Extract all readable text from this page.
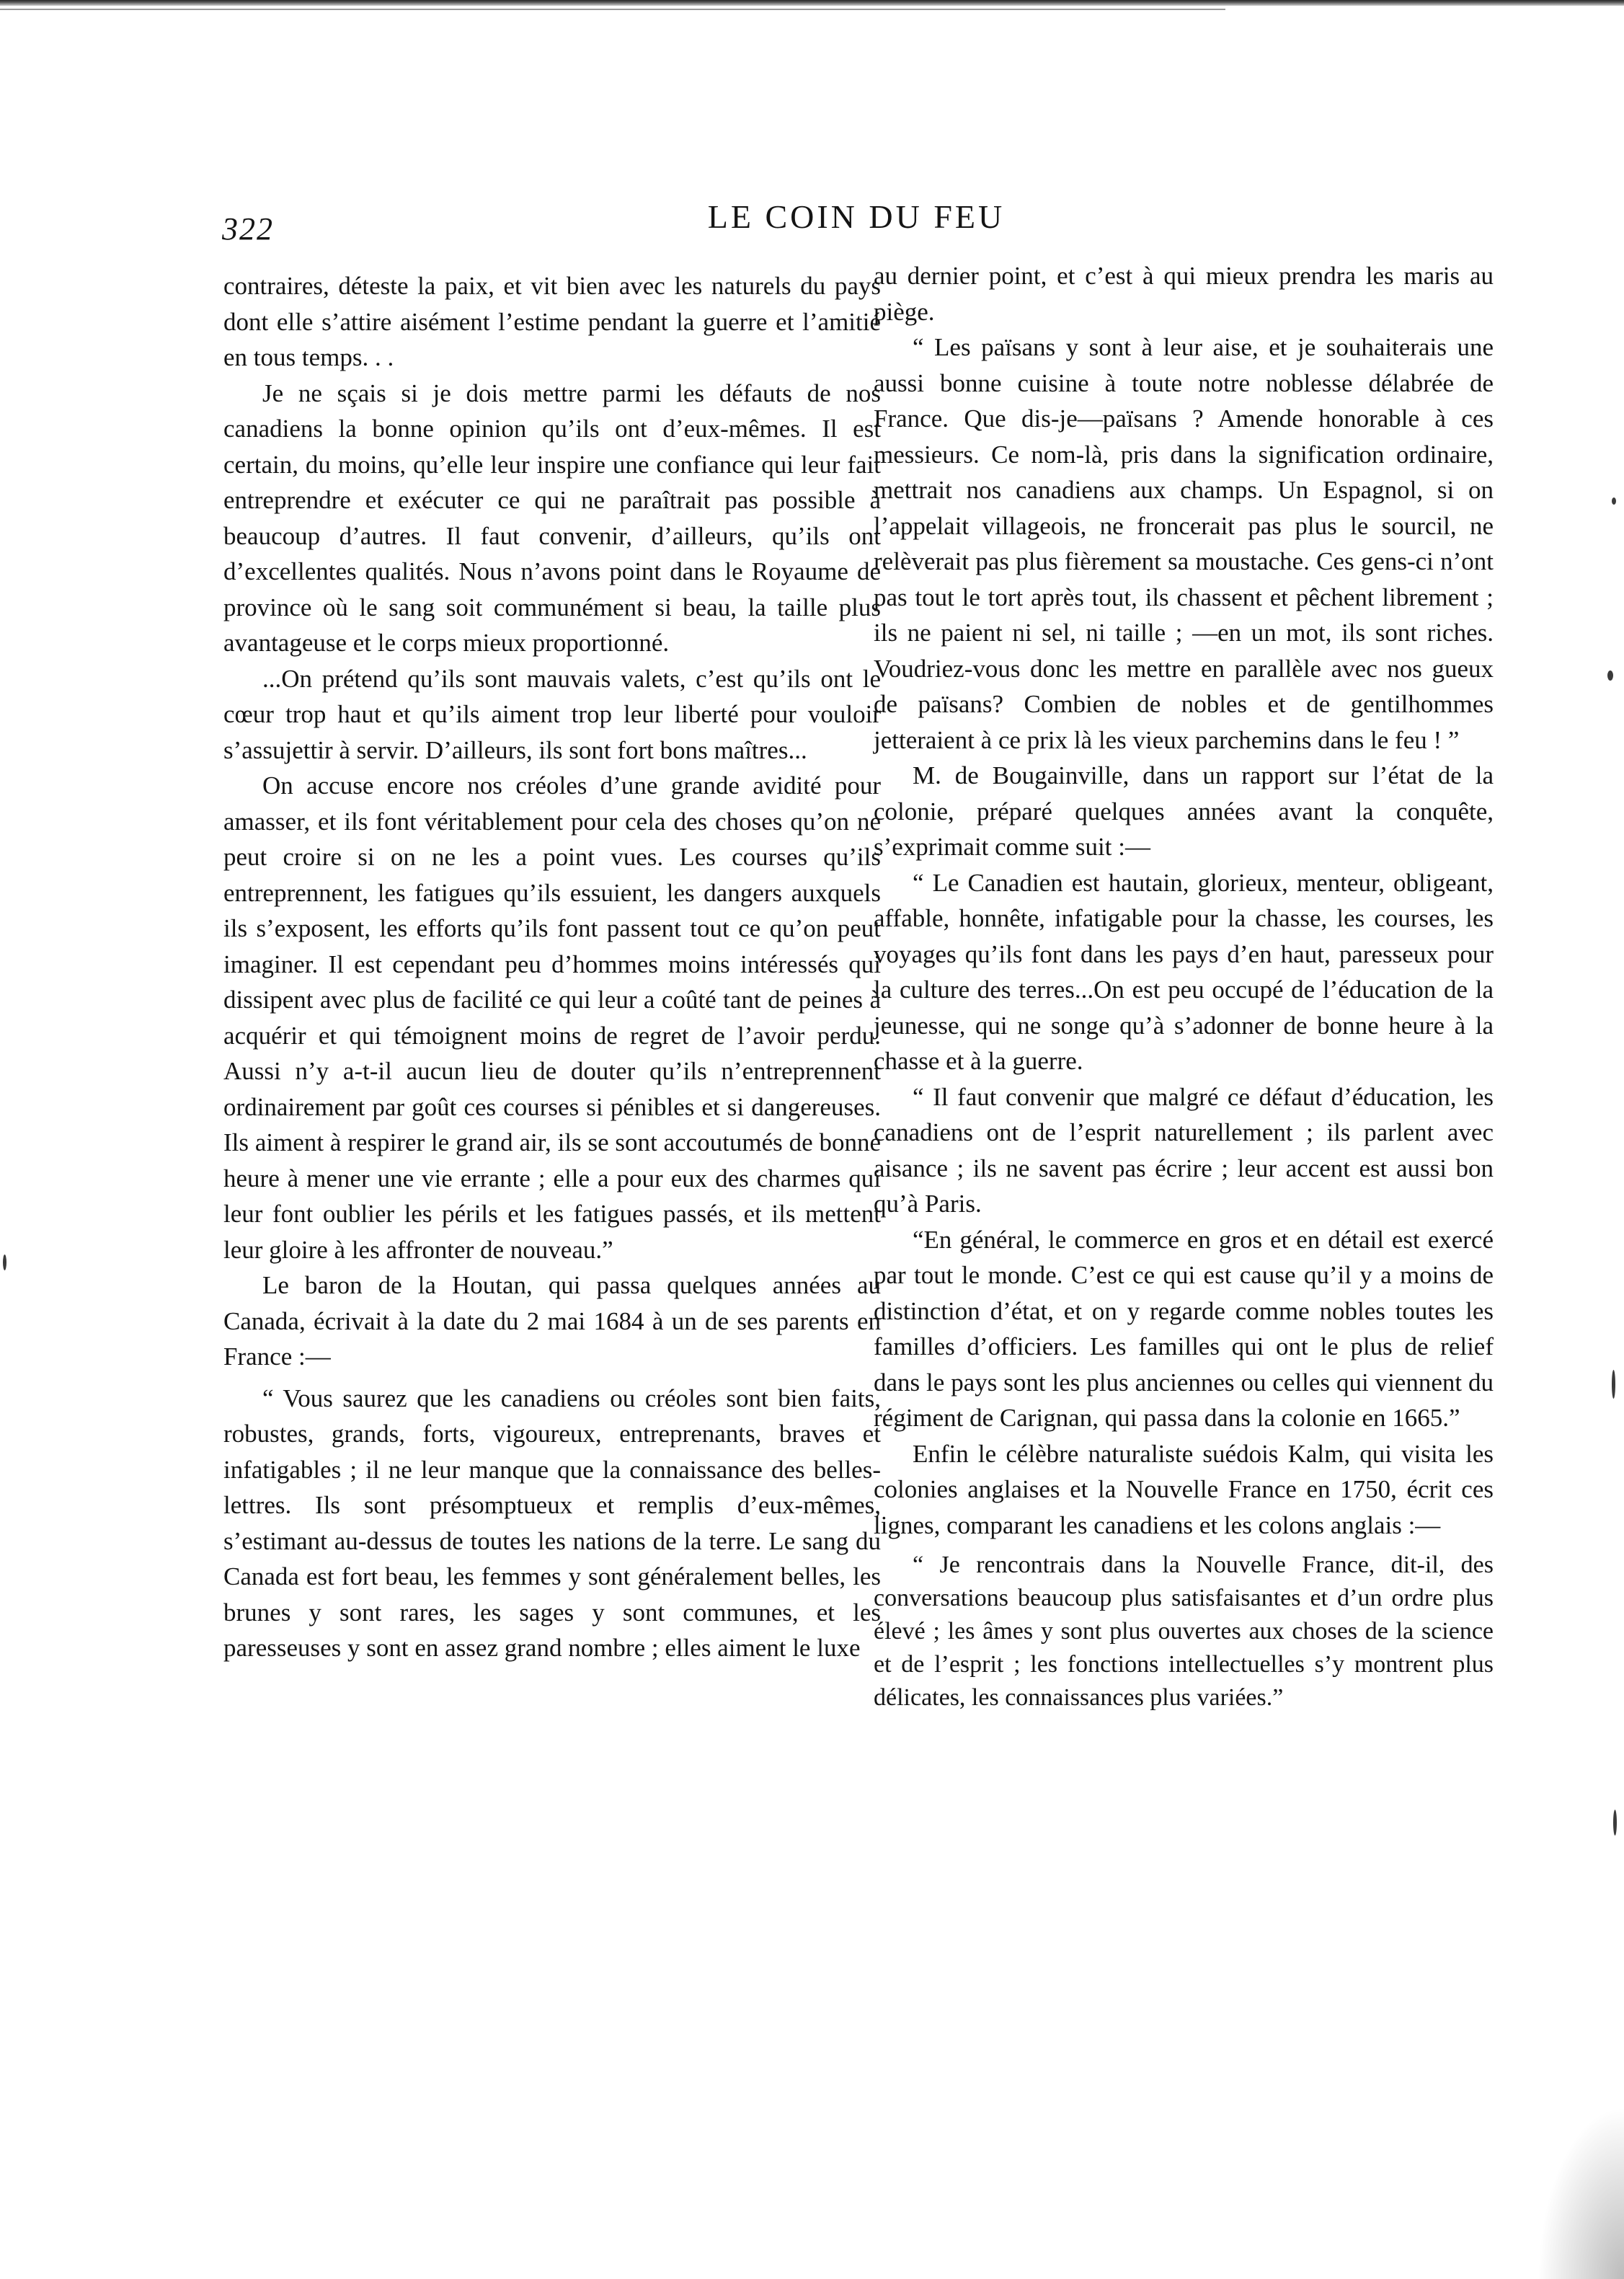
322	LE COIN DU FEU

contraires, déteste la paix, et vit bien avec les naturels du pays dont elle s’attire aisément l’estime pendant la guerre et l’amitié en tous temps. . .

Je ne sçais si je dois mettre parmi les défauts de nos canadiens la bonne opinion qu’ils ont d’eux-mêmes. Il est certain, du moins, qu’elle leur inspire une confiance qui leur fait entreprendre et exécuter ce qui ne paraîtrait pas possible à beaucoup d’autres. Il faut convenir, d’ailleurs, qu’ils ont d’excellentes qualités. Nous n’avons point dans le Royaume de province où le sang soit communément si beau, la taille plus avantageuse et le corps mieux proportionné.

...On prétend qu’ils sont mauvais valets, c’est qu’ils ont le cœur trop haut et qu’ils aiment trop leur liberté pour vouloir s’assujettir à servir. D’ailleurs, ils sont fort bons maîtres...

On accuse encore nos créoles d’une grande avidité pour amasser, et ils font véritablement pour cela des choses qu’on ne peut croire si on ne les a point vues. Les courses qu’ils entreprennent, les fatigues qu’ils essuient, les dangers auxquels ils s’exposent, les efforts qu’ils font passent tout ce qu’on peut imaginer. Il est cependant peu d’hommes moins intéressés qui dissipent avec plus de facilité ce qui leur a coûté tant de peines à acquérir et qui témoignent moins de regret de l’avoir perdu. Aussi n’y a-t-il aucun lieu de douter qu’ils n’entreprennent ordinairement par goût ces courses si pénibles et si dangereuses. Ils aiment à respirer le grand air, ils se sont accoutumés de bonne heure à mener une vie errante ; elle a pour eux des charmes qui leur font oublier les périls et les fatigues passés, et ils mettent leur gloire à les affronter de nouveau.”

Le baron de la Houtan, qui passa quelques années au Canada, écrivait à la date du 2 mai 1684 à un de ses parents en France :—

“ Vous saurez que les canadiens ou créoles sont bien faits, robustes, grands, forts, vigoureux, entreprenants, braves et infatigables ; il ne leur manque que la connaissance des belles-lettres. Ils sont présomptueux et remplis d’eux-mêmes, s’estimant au-dessus de toutes les nations de la terre. Le sang du Canada est fort beau, les femmes y sont généralement belles, les brunes y sont rares, les sages y sont communes, et les paresseuses y sont en assez grand nombre ; elles aiment le luxe

au dernier point, et c’est à qui mieux prendra les maris au piège.

“ Les païsans y sont à leur aise, et je souhaiterais une aussi bonne cuisine à toute notre noblesse délabrée de France. Que dis-je—païsans ? Amende honorable à ces messieurs. Ce nom-là, pris dans la signification ordinaire, mettrait nos canadiens aux champs. Un Espagnol, si on l’appelait villageois, ne froncerait pas plus le sourcil, ne relèverait pas plus fièrement sa moustache. Ces gens-ci n’ont pas tout le tort après tout, ils chassent et pêchent librement ; ils ne paient ni sel, ni taille ; —en un mot, ils sont riches. Voudriez-vous donc les mettre en parallèle avec nos gueux de païsans? Combien de nobles et de gentilhommes jetteraient à ce prix là les vieux parchemins dans le feu ! ”

M. de Bougainville, dans un rapport sur l’état de la colonie, préparé quelques années avant la conquête, s’exprimait comme suit :—

“ Le Canadien est hautain, glorieux, menteur, obligeant, affable, honnête, infatigable pour la chasse, les courses, les voyages qu’ils font dans les pays d’en haut, paresseux pour la culture des terres...On est peu occupé de l’éducation de la jeunesse, qui ne songe qu’à s’adonner de bonne heure à la chasse et à la guerre.

“ Il faut convenir que malgré ce défaut d’éducation, les canadiens ont de l’esprit naturellement ; ils parlent avec aisance ; ils ne savent pas écrire ; leur accent est aussi bon qu’à Paris.

“En général, le commerce en gros et en détail est exercé par tout le monde. C’est ce qui est cause qu’il y a moins de distinction d’état, et on y regarde comme nobles toutes les familles d’officiers. Les familles qui ont le plus de relief dans le pays sont les plus anciennes ou celles qui viennent du régiment de Carignan, qui passa dans la colonie en 1665.”

Enfin le célèbre naturaliste suédois Kalm, qui visita les colonies anglaises et la Nouvelle France en 1750, écrit ces lignes, comparant les canadiens et les colons anglais :—

“ Je rencontrais dans la Nouvelle France, dit-il, des conversations beaucoup plus satisfaisantes et d’un ordre plus élevé ; les âmes y sont plus ouvertes aux choses de la science et de l’esprit ; les fonctions intellectuelles s’y montrent plus délicates, les connaissances plus variées.”
